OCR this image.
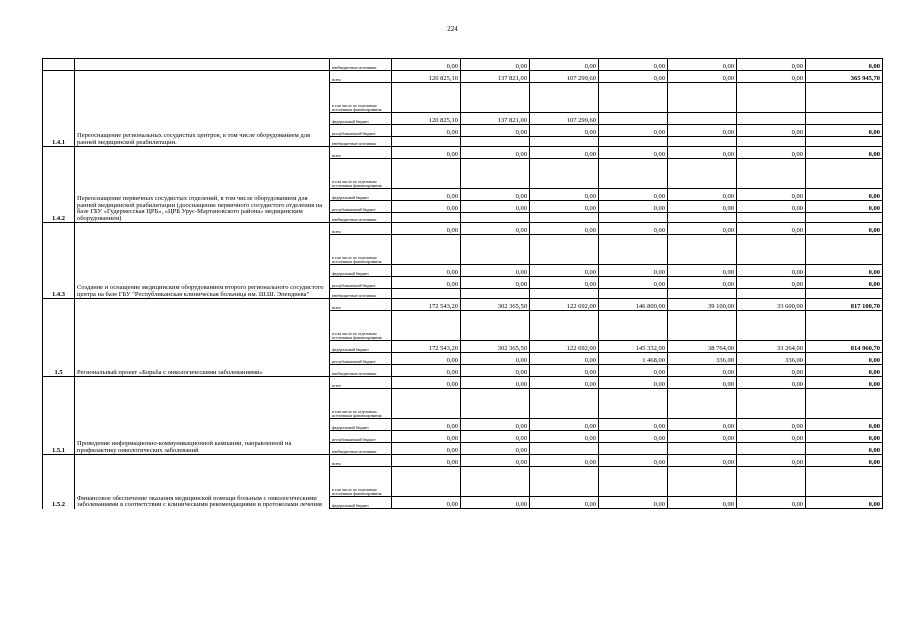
224
		внебюджетные источники	0,00	0,00	0,00	0,00	0,00	0,00	0,00
1.4.1	Переоснащение региональных сосудистых центров, в том числе оборудованием для ранней медицинской реабилитации.	всего	120 825,10	137 821,00	107 299,60	0,00	0,00	0,00	365 945,70
		в том числе по отдельным источникам финансирования							
		федеральный бюджет	120 825,10	137 821,00	107 299,60				
		республиканский бюджет	0,00	0,00	0,00	0,00	0,00	0,00	0,00
		внебюджетные источники							
1.4.2	Переоснащение первичных сосудистых отделений, в том числе оборудованием для ранней медицинской реабилитации (дооснащение первичного сосудистого отделения на базе ГБУ «Гудермесская ЦРБ», «ЦРБ Урус-Мартановского района» медицинским оборудованием)	всего	0,00	0,00	0,00	0,00	0,00	0,00	0,00
		в том числе по отдельным источникам финансирования							
		федеральный бюджет	0,00	0,00	0,00	0,00	0,00	0,00	0,00
		республиканский бюджет	0,00	0,00	0,00	0,00	0,00	0,00	0,00
		внебюджетные источники							
1.4.3	Создание и оснащение медицинским оборудованием второго регионального сосудистого центра на базе ГБУ "Республиканская клиническая больница им. Ш.Ш. Эпендиева"	всего	0,00	0,00	0,00	0,00	0,00	0,00	0,00
		в том числе по отдельным источникам финансирования							
		федеральный бюджет	0,00	0,00	0,00	0,00	0,00	0,00	0,00
		республиканский бюджет	0,00	0,00	0,00	0,00	0,00	0,00	0,00
		внебюджетные источники							
1.5	Региональный проект «Борьба с онкологическими заболеваниями»	всего	172 543,20	302 365,50	122 692,00	146 800,00	39 100,00	33 600,00	817 100,70
		в том числе по отдельным источникам финансирования							
		федеральный бюджет	172 543,20	302 365,50	122 692,00	145 332,00	38 764,00	33 264,00	814 960,70
		республиканский бюджет	0,00	0,00	0,00	1 468,00	336,00	336,00	0,00
		внебюджетные источники	0,00	0,00	0,00	0,00	0,00	0,00	0,00
1.5.1	Проведение информационно-коммуникационной кампании, направленной на профилактику онкологических заболеваний	всего	0,00	0,00	0,00	0,00	0,00	0,00	0,00
		в том числе по отдельным источникам финансирования							
		федеральный бюджет	0,00	0,00	0,00	0,00	0,00	0,00	0,00
		республиканский бюджет	0,00	0,00	0,00	0,00	0,00	0,00	0,00
		внебюджетные источники	0,00	0,00					0,00
1.5.2	Финансовое обеспечение оказания медицинской помощи больным с онкологическими заболеваниями в соответствии с клиническими рекомендациями и протоколами лечения	всего	0,00	0,00	0,00	0,00	0,00	0,00	0,00
		в том числе по отдельным источникам финансирования							
		федеральный бюджет	0,00	0,00	0,00	0,00	0,00	0,00	0,00
